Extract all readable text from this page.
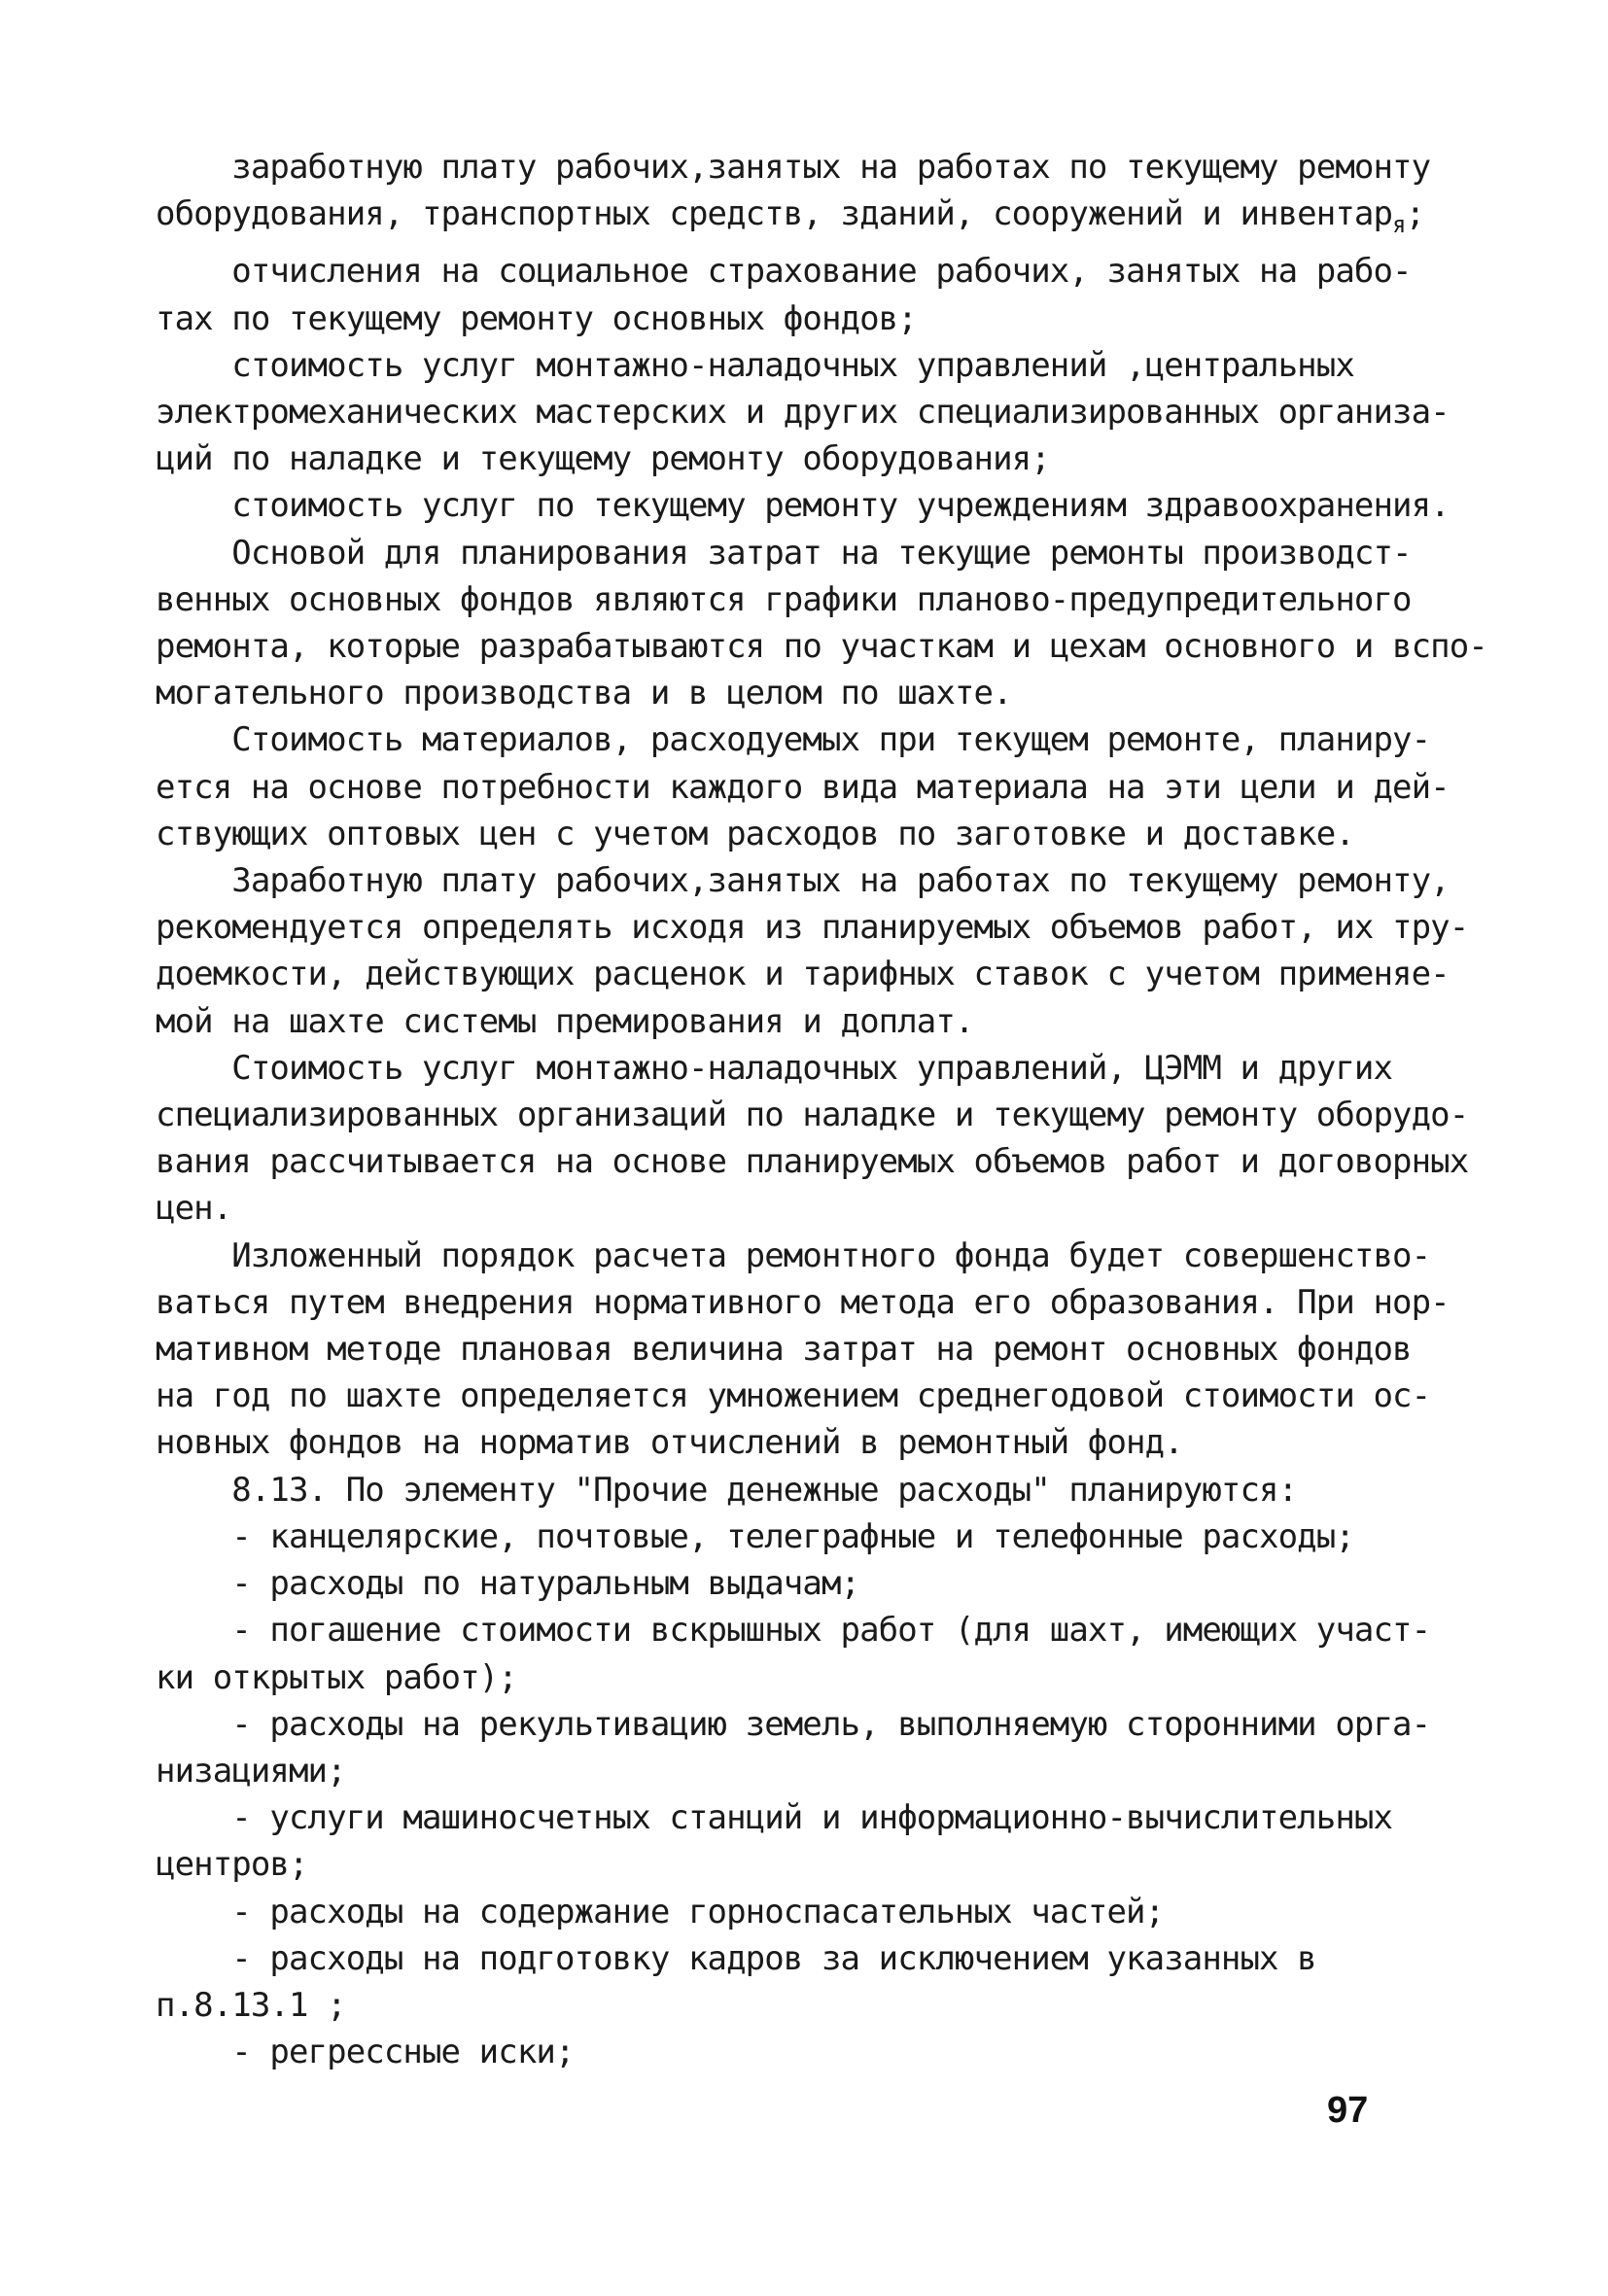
заработную плату рабочих,занятых на работах по текущему ремонту
оборудования, транспортных средств, зданий, сооружений и инвентар$_я$;
отчисления на социальное страхование рабочих, занятых на рабо-
тах по текущему ремонту основных фондов;
стоимость услуг монтажно-наладочных управлений ,центральных
электромеханических мастерских и других специализированных организа-
ций по наладке и текущему ремонту оборудования;
стоимость услуг по текущему ремонту учреждениям здравоохранения.
Основой для планирования затрат на текущие ремонты производст-
венных основных фондов являются графики планово-предупредительного
ремонта, которые разрабатываются по участкам и цехам основного и вспо-
могательного производства и в целом по шахте.
Стоимость материалов, расходуемых при текущем ремонте, планиру-
ется на основе потребности каждого вида материала на эти цели и дей-
ствующих оптовых цен с учетом расходов по заготовке и доставке.
Заработную плату рабочих,занятых на работах по текущему ремонту,
рекомендуется определять исходя из планируемых объемов работ, их тру-
доемкости, действующих расценок и тарифных ставок с учетом применяе-
мой на шахте системы премирования и доплат.
Стоимость услуг монтажно-наладочных управлений, ЦЭММ и других
специализированных организаций по наладке и текущему ремонту оборудо-
вания рассчитывается на основе планируемых объемов работ и договорных
цен.
Изложенный порядок расчета ремонтного фонда будет совершенство-
ваться путем внедрения нормативного метода его образования. При нор-
мативном методе плановая величина затрат на ремонт основных фондов
на год по шахте определяется умножением среднегодовой стоимости ос-
новных фондов на норматив отчислений в ремонтный фонд.
8.13. По элементу "Прочие денежные расходы" планируются:
- канцелярские, почтовые, телеграфные и телефонные расходы;
- расходы по натуральным выдачам;
- погашение стоимости вскрышных работ (для шахт, имеющих участ-
ки открытых работ);
- расходы на рекультивацию земель, выполняемую сторонними орга-
низациями;
- услуги машиносчетных станций и информационно-вычислительных
центров;
- расходы на содержание горноспасательных частей;
- расходы на подготовку кадров за исключением указанных в
п.8.13.1 ;
- регрессные иски;
97
